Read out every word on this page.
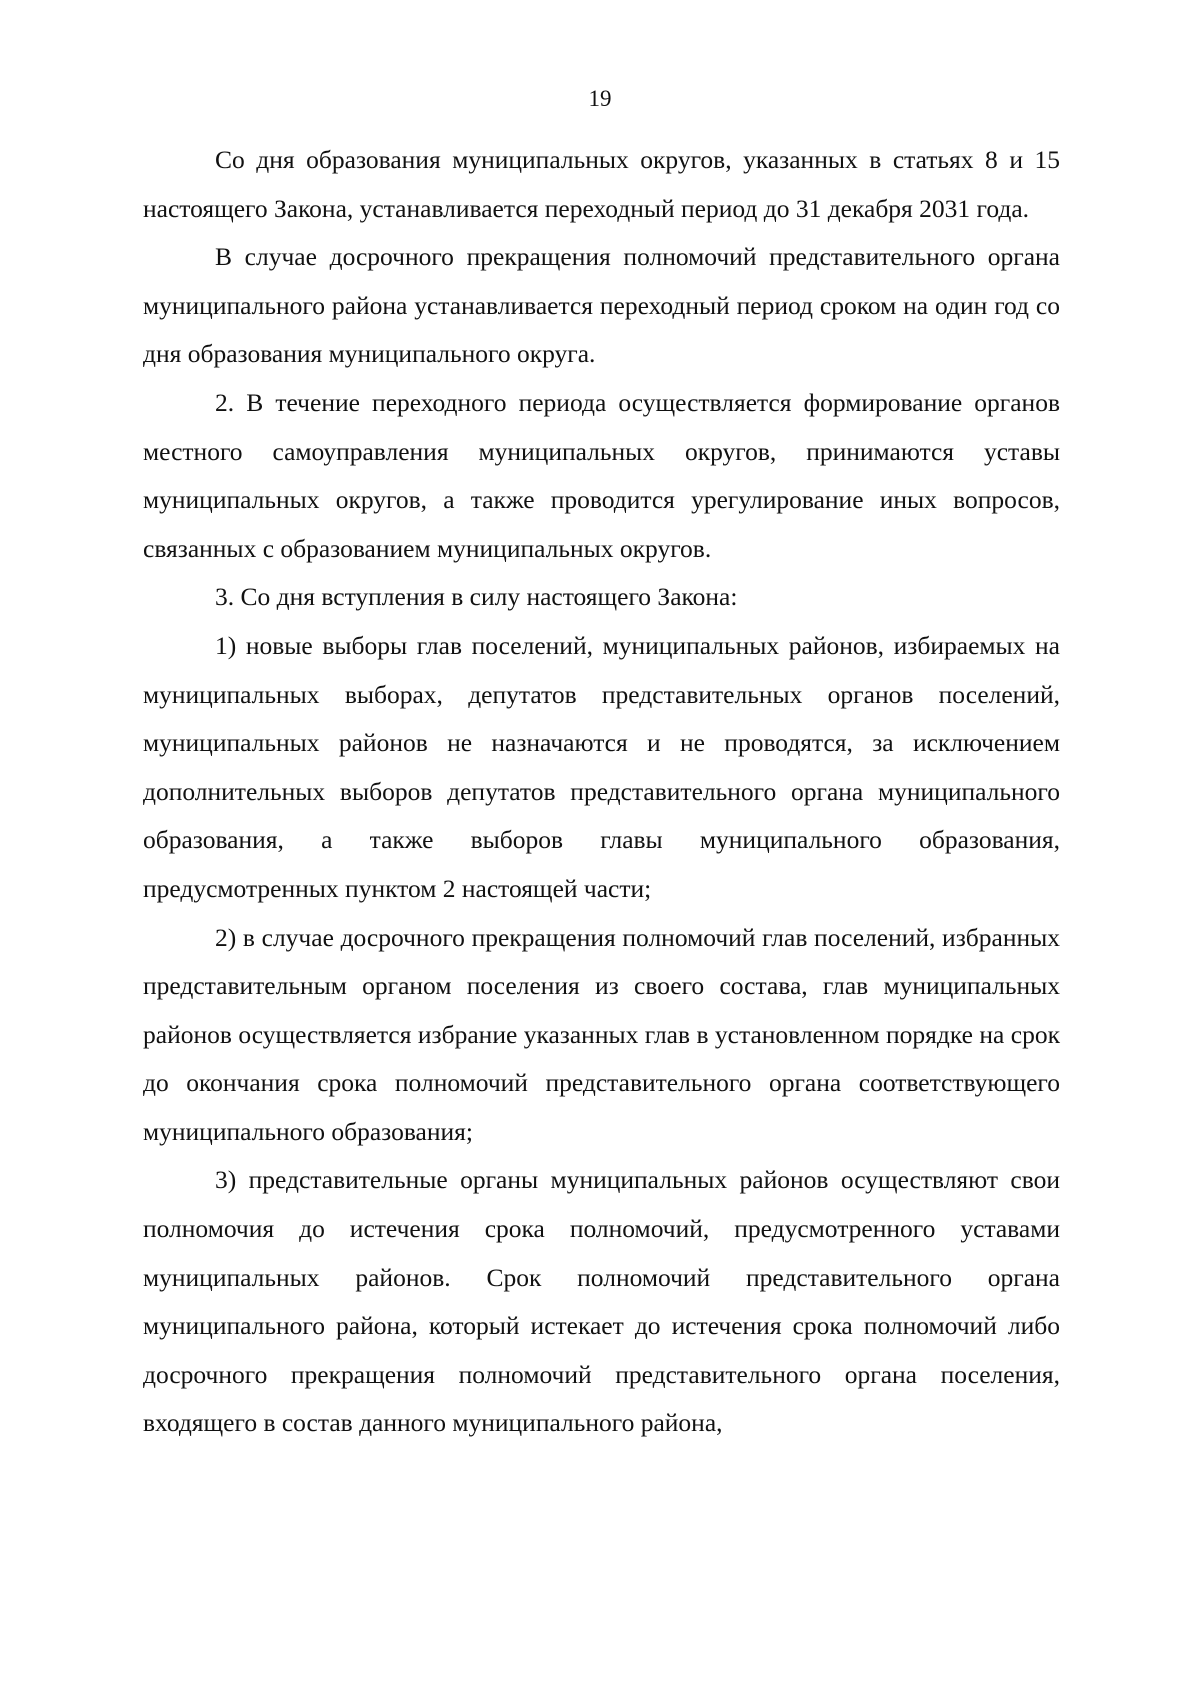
19

Со дня образования муниципальных округов, указанных в статьях 8 и 15 настоящего Закона, устанавливается переходный период до 31 декабря 2031 года.

В случае досрочного прекращения полномочий представительного органа муниципального района устанавливается переходный период сроком на один год со дня образования муниципального округа.

2. В течение переходного периода осуществляется формирование органов местного самоуправления муниципальных округов, принимаются уставы муниципальных округов, а также проводится урегулирование иных вопросов, связанных с образованием муниципальных округов.

3. Со дня вступления в силу настоящего Закона:

1) новые выборы глав поселений, муниципальных районов, избираемых на муниципальных выборах, депутатов представительных органов поселений, муниципальных районов не назначаются и не проводятся, за исключением дополнительных выборов депутатов представительного органа муниципального образования, а также выборов главы муниципального образования, предусмотренных пунктом 2 настоящей части;

2) в случае досрочного прекращения полномочий глав поселений, избранных представительным органом поселения из своего состава, глав муниципальных районов осуществляется избрание указанных глав в установленном порядке на срок до окончания срока полномочий представительного органа соответствующего муниципального образования;

3) представительные органы муниципальных районов осуществляют свои полномочия до истечения срока полномочий, предусмотренного уставами муниципальных районов. Срок полномочий представительного органа муниципального района, который истекает до истечения срока полномочий либо досрочного прекращения полномочий представительного органа поселения, входящего в состав данного муниципального района,
